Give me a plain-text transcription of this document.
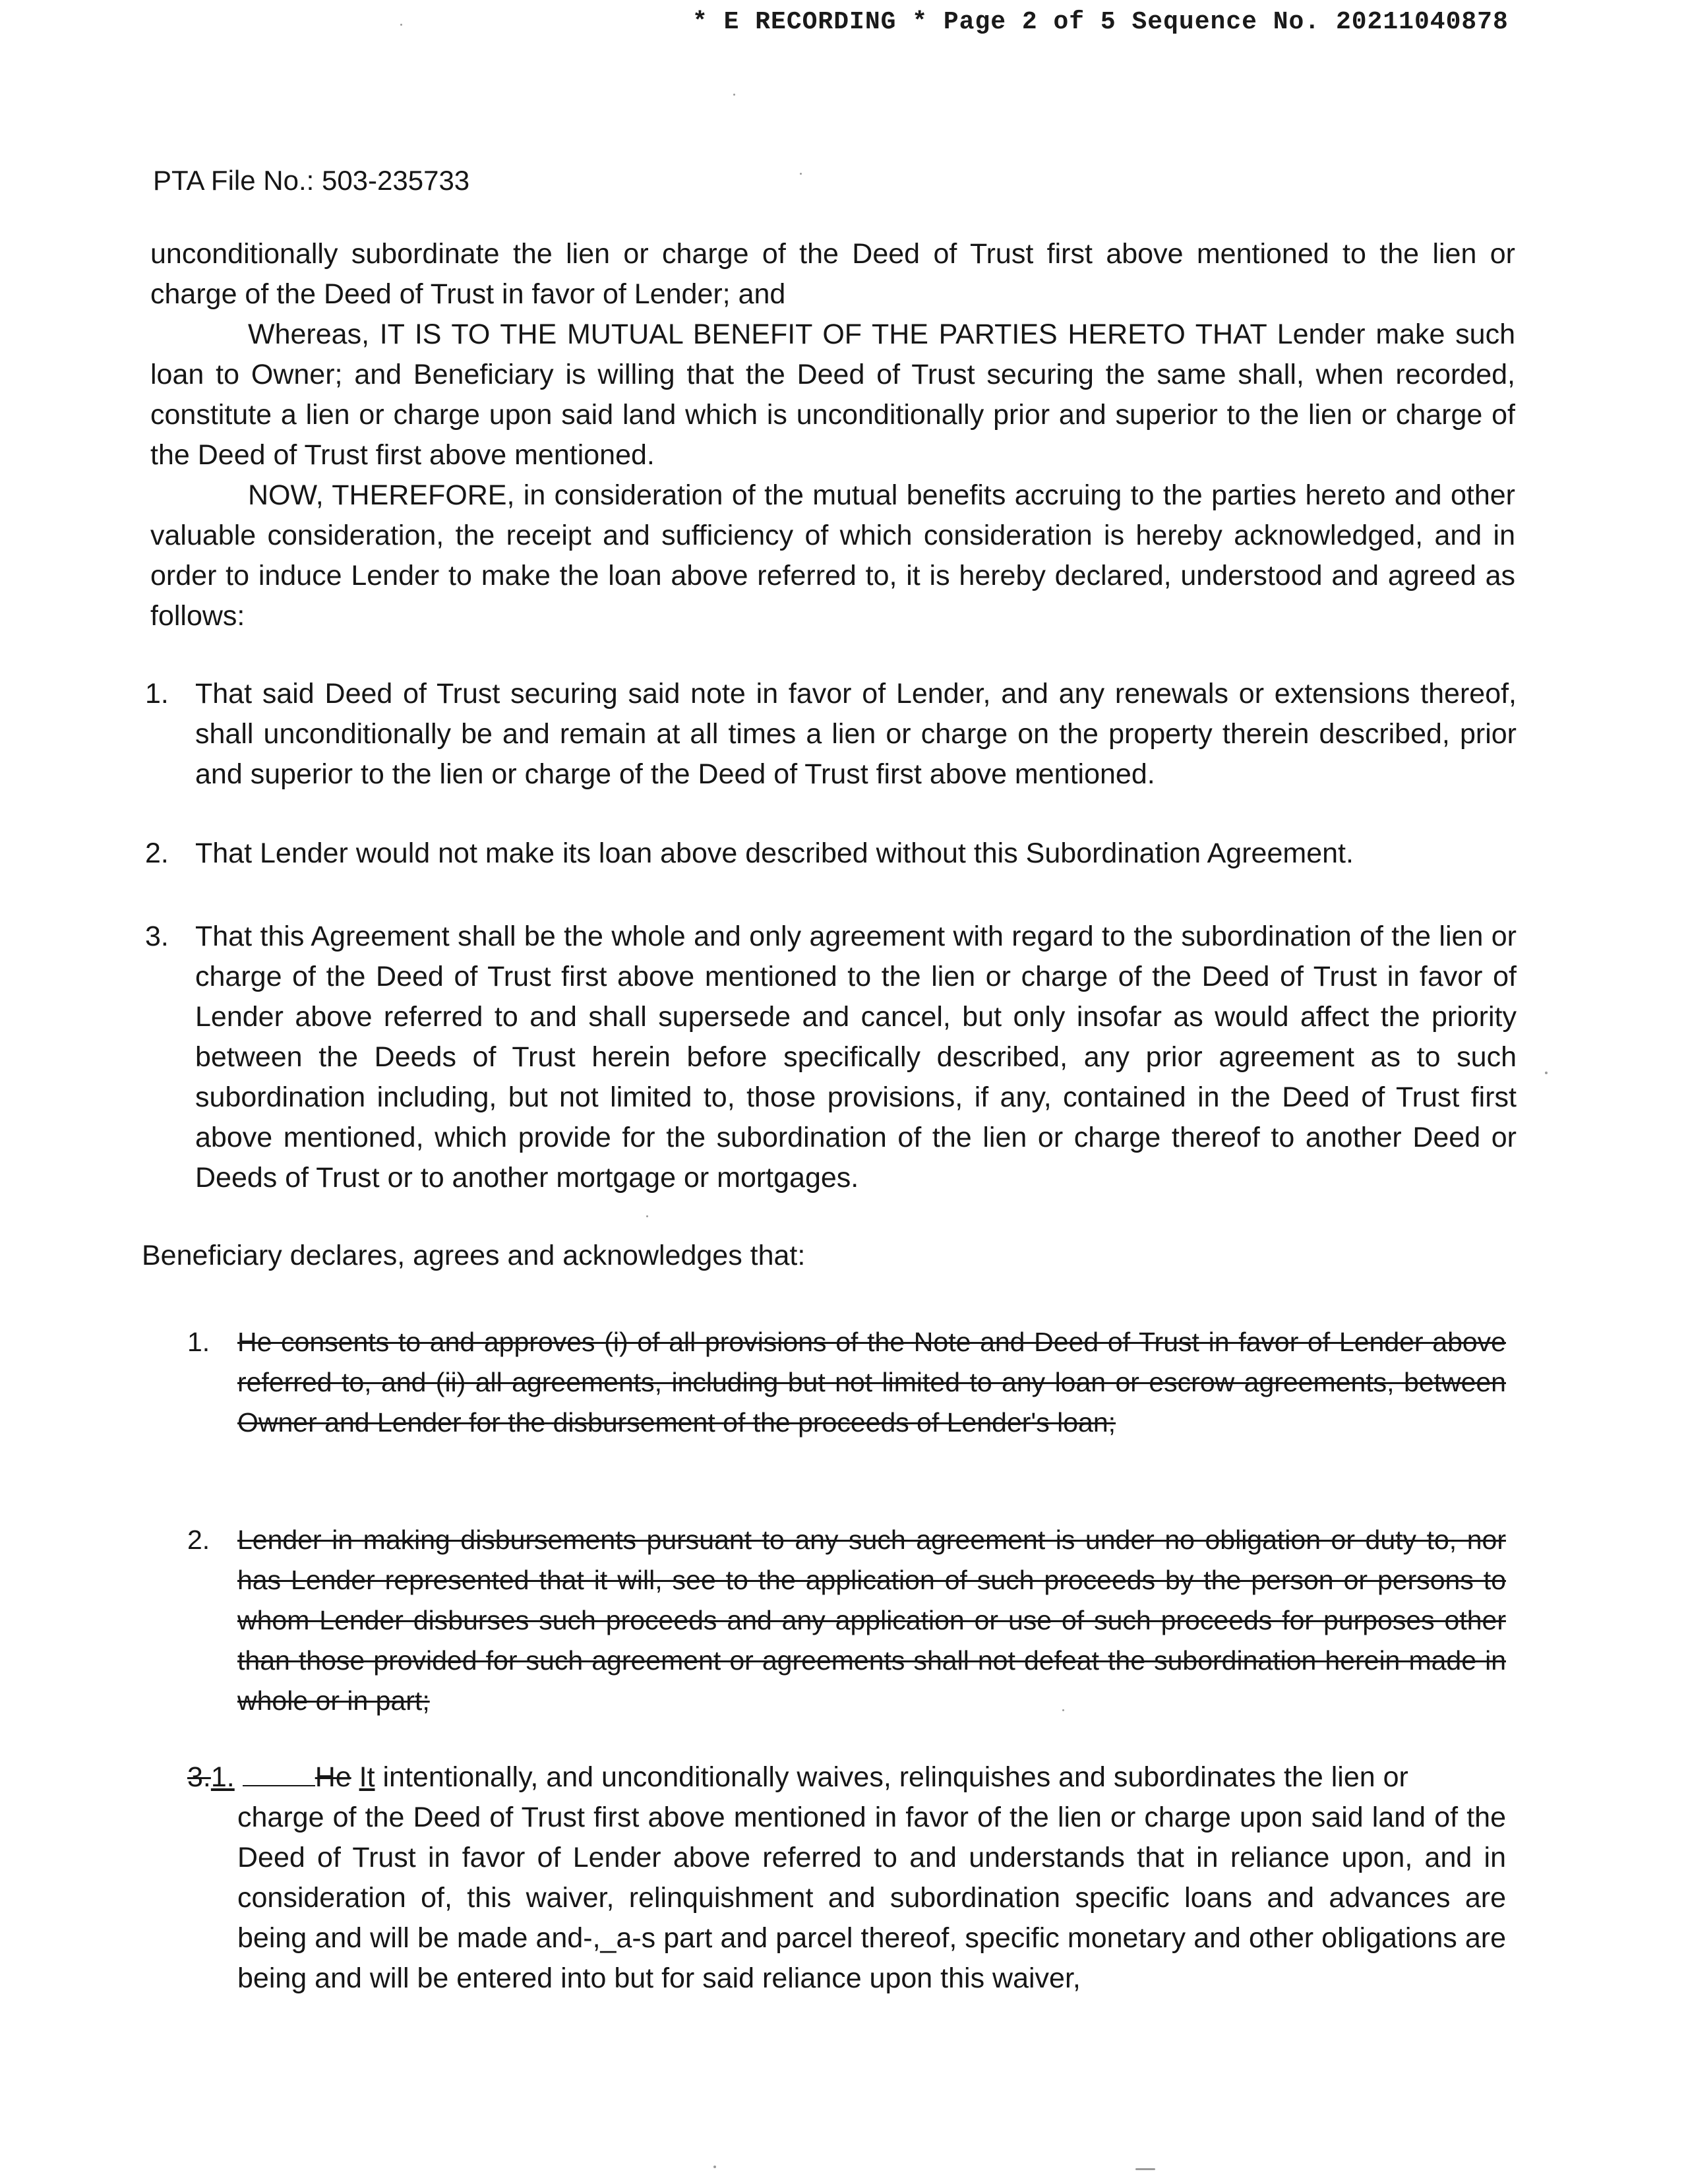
* E RECORDING * Page 2 of 5 Sequence No. 20211040878
PTA File No.: 503-235733

unconditionally subordinate the lien or charge of the Deed of Trust first above mentioned to the lien or charge of the Deed of Trust in favor of Lender; and

Whereas, IT IS TO THE MUTUAL BENEFIT OF THE PARTIES HERETO THAT Lender make such loan to Owner; and Beneficiary is willing that the Deed of Trust securing the same shall, when recorded, constitute a lien or charge upon said land which is unconditionally prior and superior to the lien or charge of the Deed of Trust first above mentioned.

NOW, THEREFORE, in consideration of the mutual benefits accruing to the parties hereto and other valuable consideration, the receipt and sufficiency of which consideration is hereby acknowledged, and in order to induce Lender to make the loan above referred to, it is hereby declared, understood and agreed as follows:

1. That said Deed of Trust securing said note in favor of Lender, and any renewals or extensions thereof, shall unconditionally be and remain at all times a lien or charge on the property therein described, prior and superior to the lien or charge of the Deed of Trust first above mentioned.
2. That Lender would not make its loan above described without this Subordination Agreement.
3. That this Agreement shall be the whole and only agreement with regard to the subordination of the lien or charge of the Deed of Trust first above mentioned to the lien or charge of the Deed of Trust in favor of Lender above referred to and shall supersede and cancel, but only insofar as would affect the priority between the Deeds of Trust herein before specifically described, any prior agreement as to such subordination including, but not limited to, those provisions, if any, contained in the Deed of Trust first above mentioned, which provide for the subordination of the lien or charge thereof to another Deed or Deeds of Trust or to another mortgage or mortgages.
Beneficiary declares, agrees and acknowledges that:
1. He consents to and approves (i) of all provisions of the Note and Deed of Trust in favor of Lender above referred to, and (ii) all agreements, including but not limited to any loan or escrow agreements, between Owner and Lender for the disbursement of the proceeds of Lender's loan;
2. Lender in making disbursements pursuant to any such agreement is under no obligation or duty to, nor has Lender represented that it will, see to the application of such proceeds by the person or persons to whom Lender disburses such proceeds and any application or use of such proceeds for purposes other than those provided for such agreement or agreements shall not defeat the subordination herein made in whole or in part;
3.1.	He It intentionally, and unconditionally waives, relinquishes and subordinates the lien or
charge of the Deed of Trust first above mentioned in favor of the lien or charge upon said land of the Deed of Trust in favor of Lender above referred to and understands that in reliance upon, and in consideration of, this waiver, relinquishment and subordination specific loans and advances are being and will be made and-,_a-s part and parcel thereof, specific monetary and other obligations are being and will be entered into but for said reliance upon this waiver,
